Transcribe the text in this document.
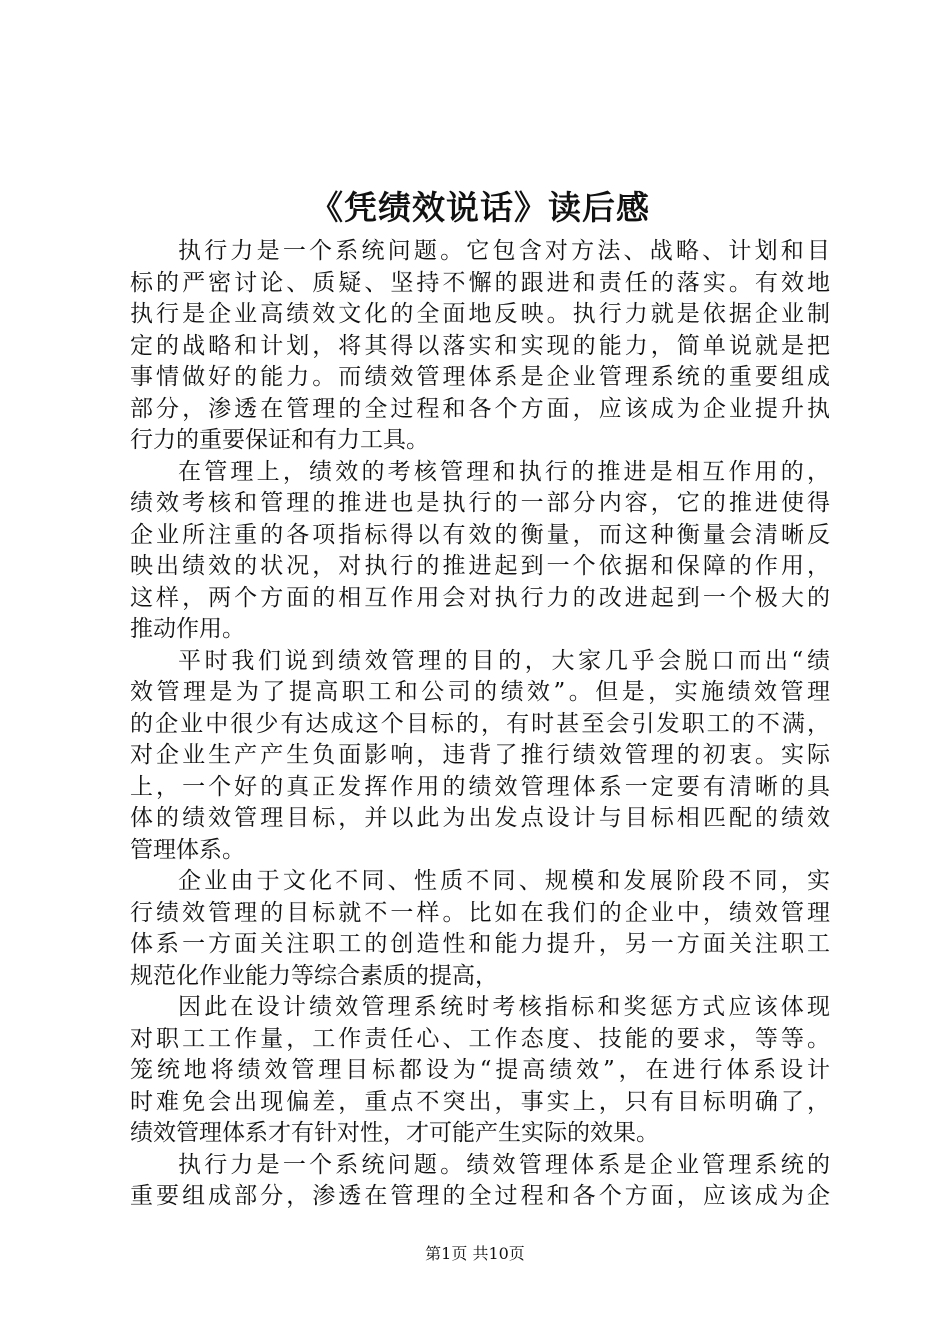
《凭绩效说话》读后感
执行力是一个系统问题。它包含对方法、战略、计划和目
标的严密讨论、质疑、坚持不懈的跟进和责任的落实。有效地
执行是企业高绩效文化的全面地反映。执行力就是依据企业制
定的战略和计划，将其得以落实和实现的能力，简单说就是把
事情做好的能力。而绩效管理体系是企业管理系统的重要组成
部分，渗透在管理的全过程和各个方面，应该成为企业提升执
行力的重要保证和有力工具。
在管理上，绩效的考核管理和执行的推进是相互作用的，
绩效考核和管理的推进也是执行的一部分内容，它的推进使得
企业所注重的各项指标得以有效的衡量，而这种衡量会清晰反
映出绩效的状况，对执行的推进起到一个依据和保障的作用，
这样，两个方面的相互作用会对执行力的改进起到一个极大的
推动作用。
平时我们说到绩效管理的目的，大家几乎会脱口而出“绩
效管理是为了提高职工和公司的绩效”。但是，实施绩效管理
的企业中很少有达成这个目标的，有时甚至会引发职工的不满，
对企业生产产生负面影响，违背了推行绩效管理的初衷。实际
上，一个好的真正发挥作用的绩效管理体系一定要有清晰的具
体的绩效管理目标，并以此为出发点设计与目标相匹配的绩效
管理体系。
企业由于文化不同、性质不同、规模和发展阶段不同，实
行绩效管理的目标就不一样。比如在我们的企业中，绩效管理
体系一方面关注职工的创造性和能力提升，另一方面关注职工
规范化作业能力等综合素质的提高，
因此在设计绩效管理系统时考核指标和奖惩方式应该体现
对职工工作量，工作责任心、工作态度、技能的要求，等等。
笼统地将绩效管理目标都设为“提高绩效”，在进行体系设计
时难免会出现偏差，重点不突出，事实上，只有目标明确了，
绩效管理体系才有针对性，才可能产生实际的效果。
执行力是一个系统问题。绩效管理体系是企业管理系统的
重要组成部分，渗透在管理的全过程和各个方面，应该成为企
第1页 共10页
